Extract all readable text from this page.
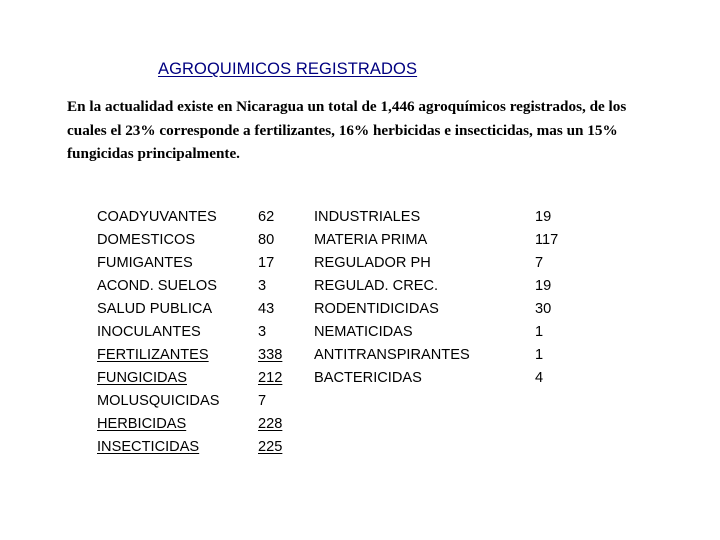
AGROQUIMICOS REGISTRADOS

En la actualidad existe en Nicaragua un total de 1,446 agroquímicos registrados, de los cuales el 23% corresponde a fertilizantes, 16% herbicidas e insecticidas, mas un 15% fungicidas principalmente.

COADYUVANTES
DOMESTICOS
FUMIGANTES
ACOND. SUELOS
SALUD PUBLICA
INOCULANTES
FERTILIZANTES
FUNGICIDAS
MOLUSQUICIDAS
HERBICIDAS
INSECTICIDAS
62
80
17
3
43
3
338
212
7
228
225
INDUSTRIALES
MATERIA PRIMA
REGULADOR PH
REGULAD. CREC.
RODENTIDICIDAS
NEMATICIDAS
ANTITRANSPIRANTES
BACTERICIDAS
19
117
7
19
30
1
1
4
